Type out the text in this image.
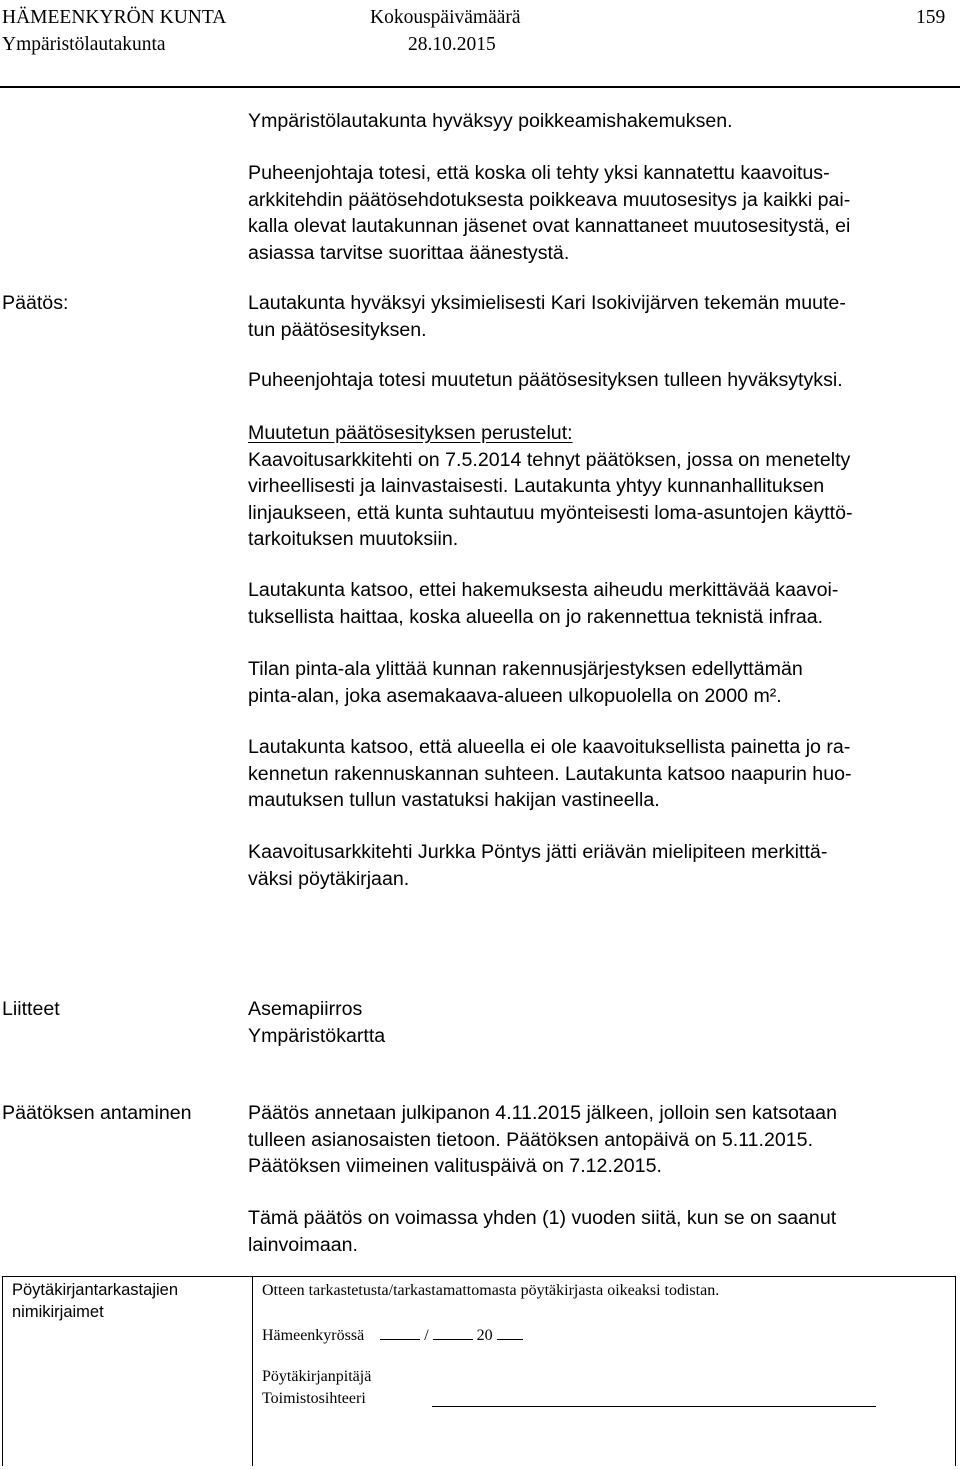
HÄMEENKYRÖN KUNTA
Ympäristölautakunta
Kokouspäivämäärä
28.10.2015
159
Ympäristölautakunta hyväksyy poikkeamishakemuksen.
Puheenjohtaja totesi, että koska oli tehty yksi kannatettu kaavoitus-
arkkitehdin päätösehdotuksesta poikkeava muutosesitys ja kaikki pai-
kalla olevat lautakunnan jäsenet ovat kannattaneet muutosesitystä, ei
asiassa tarvitse suorittaa äänestystä.
Päätös:	Lautakunta hyväksyi yksimielisesti Kari Isokivijärven tekemän muute-
tun päätösesityksen.
Puheenjohtaja totesi muutetun päätösesityksen tulleen hyväksytyksi.
Muutetun päätösesityksen perustelut:
Kaavoitusarkkitehti on 7.5.2014 tehnyt päätöksen, jossa on menetelty
virheellisesti ja lainvastaisesti. Lautakunta yhtyy kunnanhallituksen
linjaukseen, että kunta suhtautuu myönteisesti loma-asuntojen käyttö-
tarkoituksen muutoksiin.
Lautakunta katsoo, ettei hakemuksesta aiheudu merkittävää kaavoi-
tuksellista haittaa, koska alueella on jo rakennettua teknistä infraa.
Tilan pinta-ala ylittää kunnan rakennusjärjestyksen edellyttämän
pinta-alan, joka asemakaava-alueen ulkopuolella on 2000 m².
Lautakunta katsoo, että alueella ei ole kaavoituksellista painetta jo ra-
kennetun rakennuskannan suhteen. Lautakunta katsoo naapurin huo-
mautuksen tullun vastatuksi hakijan vastineella.
Kaavoitusarkkitehti Jurkka Pöntys jätti eriävän mielipiteen merkittä-
väksi pöytäkirjaan.
Liitteet	Asemapiirros
Ympäristökartta
Päätöksen antaminen	Päätös annetaan julkipanon 4.11.2015 jälkeen, jolloin sen katsotaan
tulleen asianosaisten tietoon. Päätöksen antopäivä on 5.11.2015.
Päätöksen viimeinen valituspäivä on 7.12.2015.
Tämä päätös on voimassa yhden (1) vuoden siitä, kun se on saanut
lainvoimaan.
Pöytäkirjantarkastajien
nimikirjaimet
Otteen tarkastetusta/tarkastamattomasta pöytäkirjasta oikeaksi todistan.
Hämeenkyrössä	/	20
Pöytäkirjanpitäjä
Toimistosihteeri
